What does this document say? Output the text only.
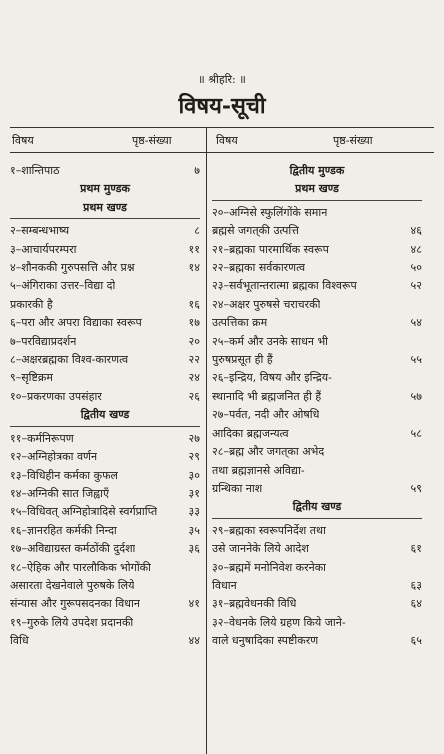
॥ श्रीहरि: ॥
विषय-सूची
विषय	पृष्ठ-संख्या	विषय	पृष्ठ-संख्या
१–शान्तिपाठ	७
प्रथम मुण्डक
प्रथम खण्ड
२–सम्बन्धभाष्य	८
३–आचार्यपरम्परा	११
४–शौनककी गुरुपसत्ति और प्रश्न	१४
५–अंगिराका उत्तर–विद्या दो
प्रकारकी है	१६
६–परा और अपरा विद्याका स्वरूप	१७
७–परविद्याप्रदर्शन	२०
८–अक्षरब्रह्मका विश्व-कारणत्व	२२
९–सृष्टिक्रम	२४
१०–प्रकरणका उपसंहार	२६
द्वितीय खण्ड
११–कर्मनिरूपण	२७
१२–अग्निहोत्रका वर्णन	२९
१३–विधिहीन कर्मका कुफल	३०
१४–अग्निकी सात जिह्वाएँ	३१
१५–विधिवत् अग्निहोत्रादिसे स्वर्गप्राप्ति	३३
१६–ज्ञानरहित कर्मकी निन्दा	३५
१७–अविद्याग्रस्त कर्मठोंकी दुर्दशा	३६
१८–ऐहिक और पारलौकिक भोगोंकी
असारता देखनेवाले पुरुषके लिये
संन्यास और गुरूपसदनका विधान	४१
१९–गुरुके लिये उपदेश प्रदानकी
विधि	४४
द्वितीय मुण्डक
प्रथम खण्ड
२०–अग्निसे स्फुलिंगोंके समान
ब्रह्मसे जगत्‌की उत्पत्ति	४६
२१–ब्रह्मका पारमार्थिक स्वरूप	४८
२२–ब्रह्मका सर्वकारणत्व	५०
२३–सर्वभूतान्तरात्मा ब्रह्मका विश्वरूप	५२
२४–अक्षर पुरुषसे चराचरकी
उत्पत्तिका क्रम	५४
२५–कर्म और उनके साधन भी
पुरुषप्रसूत ही हैं	५५
२६–इन्द्रिय, विषय और इन्द्रिय-
स्थानादि भी ब्रह्मजनित ही हैं	५७
२७–पर्वत, नदी और ओषधि
आदिका ब्रह्मजन्यत्व	५८
२८–ब्रह्म और जगत्‌का अभेद
तथा ब्रह्मज्ञानसे अविद्या-
ग्रन्थिका नाश	५९
द्वितीय खण्ड
२९–ब्रह्मका स्वरूपनिर्देश तथा
उसे जाननेके लिये आदेश	६१
३०–ब्रह्ममें मनोनिवेश करनेका
विधान	६३
३१–ब्रह्मवेधनकी विधि	६४
३२–वेधनके लिये ग्रहण किये जाने-
वाले धनुषादिका स्पष्टीकरण	६५
